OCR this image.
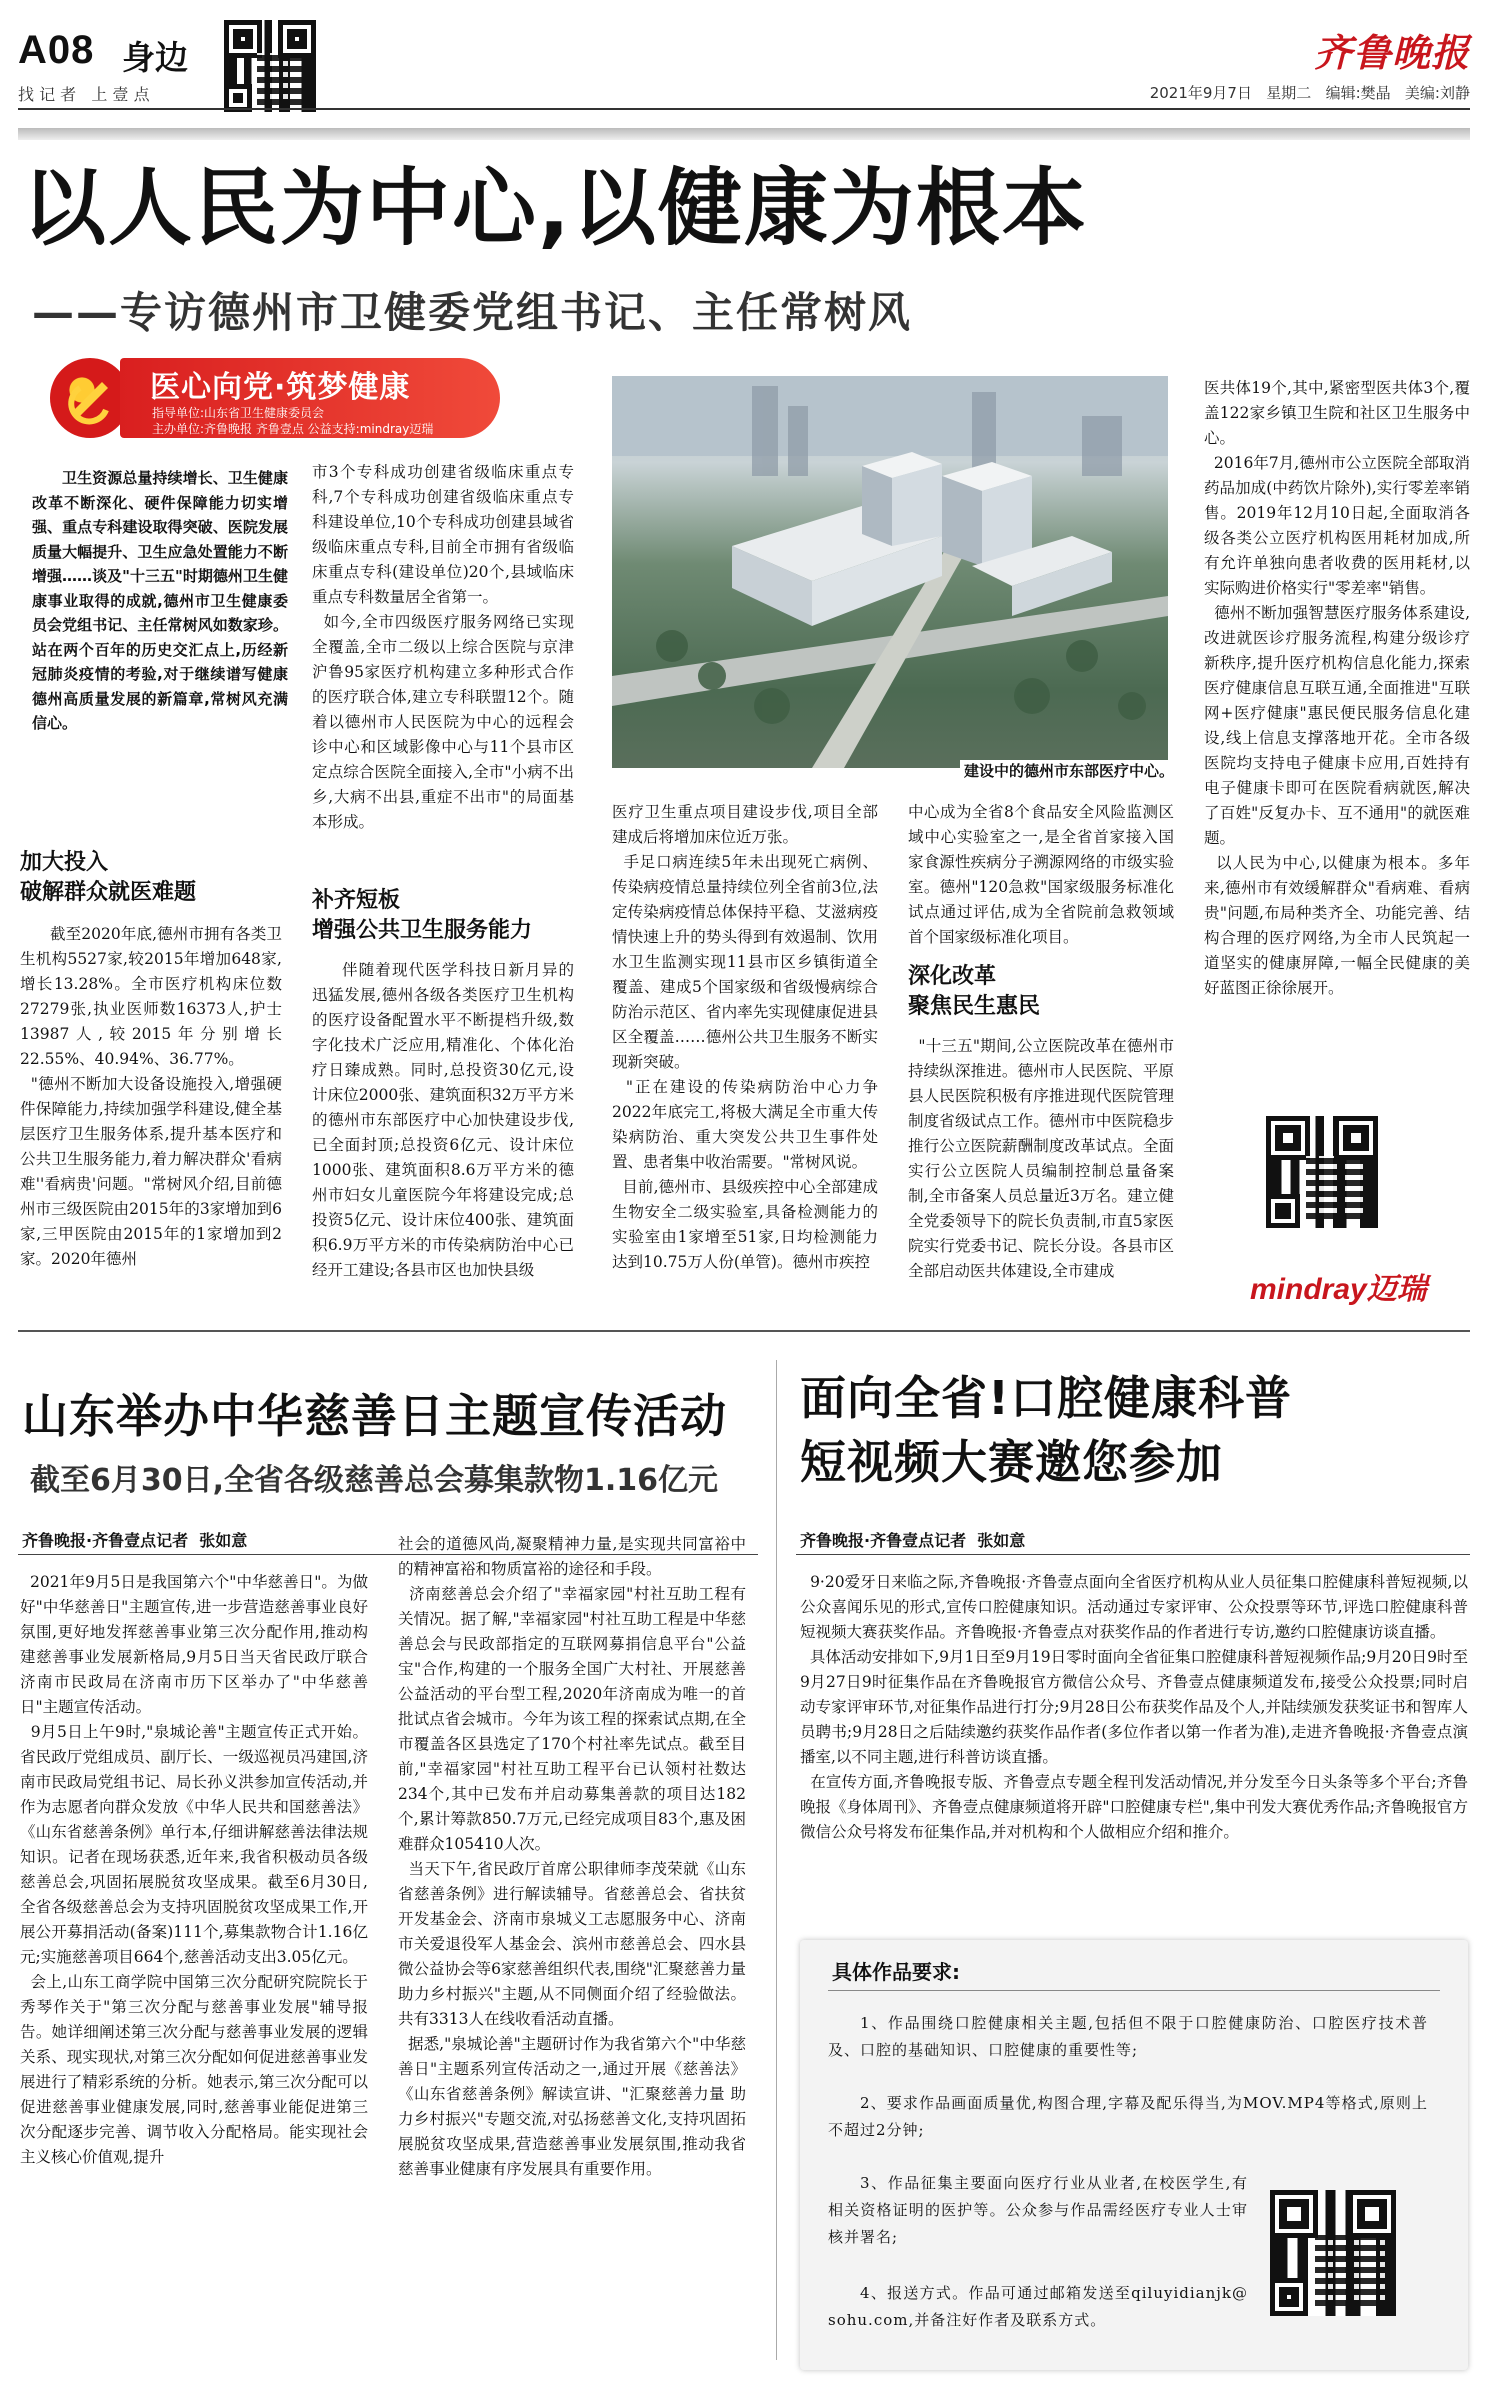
A08 身边
找 记 者   上 壹 点
齐鲁晚报
2021年9月7日   星期二   编辑:樊晶   美编:刘静
以人民为中心,以健康为根本
——专访德州市卫健委党组书记、主任常树风
医心向党·筑梦健康
指导单位:山东省卫生健康委员会
主办单位:齐鲁晚报 齐鲁壹点 公益支持:mindray迈瑞
卫生资源总量持续增长、卫生健康改革不断深化、硬件保障能力切实增强、重点专科建设取得突破、医院发展质量大幅提升、卫生应急处置能力不断增强……谈及"十三五"时期德州卫生健康事业取得的成就,德州市卫生健康委员会党组书记、主任常树风如数家珍。站在两个百年的历史交汇点上,历经新冠肺炎疫情的考验,对于继续谱写健康德州高质量发展的新篇章,常树风充满信心。
加大投入
破解群众就医难题
截至2020年底,德州市拥有各类卫生机构5527家,较2015年增加648家,增长13.28%。全市医疗机构床位数27279张,执业医师数16373人,护士13987人,较2015年分别增长22.55%、40.94%、36.77%。
"德州不断加大设备设施投入,增强硬件保障能力,持续加强学科建设,健全基层医疗卫生服务体系,提升基本医疗和公共卫生服务能力,着力解决群众'看病难''看病贵'问题。"常树风介绍,目前德州市三级医院由2015年的3家增加到6家,三甲医院由2015年的1家增加到2家。2020年德州
市3个专科成功创建省级临床重点专科,7个专科成功创建省级临床重点专科建设单位,10个专科成功创建县域省级临床重点专科,目前全市拥有省级临床重点专科(建设单位)20个,县域临床重点专科数量居全省第一。
如今,全市四级医疗服务网络已实现全覆盖,全市二级以上综合医院与京津沪鲁95家医疗机构建立多种形式合作的医疗联合体,建立专科联盟12个。随着以德州市人民医院为中心的远程会诊中心和区域影像中心与11个县市区定点综合医院全面接入,全市"小病不出乡,大病不出县,重症不出市"的局面基本形成。
补齐短板
增强公共卫生服务能力
伴随着现代医学科技日新月异的迅猛发展,德州各级各类医疗卫生机构的医疗设备配置水平不断提档升级,数字化技术广泛应用,精准化、个体化治疗日臻成熟。同时,总投资30亿元,设计床位2000张、建筑面积32万平方米的德州市东部医疗中心加快建设步伐,已全面封顶;总投资6亿元、设计床位1000张、建筑面积8.6万平方米的德州市妇女儿童医院今年将建设完成;总投资5亿元、设计床位400张、建筑面积6.9万平方米的市传染病防治中心已经开工建设;各县市区也加快县级
建设中的德州市东部医疗中心。
医疗卫生重点项目建设步伐,项目全部建成后将增加床位近万张。
手足口病连续5年未出现死亡病例、传染病疫情总量持续位列全省前3位,法定传染病疫情总体保持平稳、艾滋病疫情快速上升的势头得到有效遏制、饮用水卫生监测实现11县市区乡镇街道全覆盖、建成5个国家级和省级慢病综合防治示范区、省内率先实现健康促进县区全覆盖……德州公共卫生服务不断实现新突破。
"正在建设的传染病防治中心力争2022年底完工,将极大满足全市重大传染病防治、重大突发公共卫生事件处置、患者集中收治需要。"常树风说。
目前,德州市、县级疾控中心全部建成生物安全二级实验室,具备检测能力的实验室由1家增至51家,日均检测能力达到10.75万人份(单管)。德州市疾控
中心成为全省8个食品安全风险监测区域中心实验室之一,是全省首家接入国家食源性疾病分子溯源网络的市级实验室。德州"120急救"国家级服务标准化试点通过评估,成为全省院前急救领域首个国家级标准化项目。
深化改革
聚焦民生惠民
"十三五"期间,公立医院改革在德州市持续纵深推进。德州市人民医院、平原县人民医院积极有序推进现代医院管理制度省级试点工作。德州市中医院稳步推行公立医院薪酬制度改革试点。全面实行公立医院人员编制控制总量备案制,全市备案人员总量近3万名。建立健全党委领导下的院长负责制,市直5家医院实行党委书记、院长分设。各县市区全部启动医共体建设,全市建成
医共体19个,其中,紧密型医共体3个,覆盖122家乡镇卫生院和社区卫生服务中心。
2016年7月,德州市公立医院全部取消药品加成(中药饮片除外),实行零差率销售。2019年12月10日起,全面取消各级各类公立医疗机构医用耗材加成,所有允许单独向患者收费的医用耗材,以实际购进价格实行"零差率"销售。
德州不断加强智慧医疗服务体系建设,改进就医诊疗服务流程,构建分级诊疗新秩序,提升医疗机构信息化能力,探索医疗健康信息互联互通,全面推进"互联网+医疗健康"惠民便民服务信息化建设,线上信息支撑落地开花。全市各级医院均支持电子健康卡应用,百姓持有电子健康卡即可在医院看病就医,解决了百姓"反复办卡、互不通用"的就医难题。
以人民为中心,以健康为根本。多年来,德州市有效缓解群众"看病难、看病贵"问题,布局种类齐全、功能完善、结构合理的医疗网络,为全市人民筑起一道坚实的健康屏障,一幅全民健康的美好蓝图正徐徐展开。
mindray迈瑞
山东举办中华慈善日主题宣传活动
截至6月30日,全省各级慈善总会募集款物1.16亿元
齐鲁晚报·齐鲁壹点记者  张如意
2021年9月5日是我国第六个"中华慈善日"。为做好"中华慈善日"主题宣传,进一步营造慈善事业良好氛围,更好地发挥慈善事业第三次分配作用,推动构建慈善事业发展新格局,9月5日当天省民政厅联合济南市民政局在济南市历下区举办了"中华慈善日"主题宣传活动。
9月5日上午9时,"泉城论善"主题宣传正式开始。省民政厅党组成员、副厅长、一级巡视员冯建国,济南市民政局党组书记、局长孙义洪参加宣传活动,并作为志愿者向群众发放《中华人民共和国慈善法》《山东省慈善条例》单行本,仔细讲解慈善法律法规知识。记者在现场获悉,近年来,我省积极动员各级慈善总会,巩固拓展脱贫攻坚成果。截至6月30日,全省各级慈善总会为支持巩固脱贫攻坚成果工作,开展公开募捐活动(备案)111个,募集款物合计1.16亿元;实施慈善项目664个,慈善活动支出3.05亿元。
会上,山东工商学院中国第三次分配研究院院长于秀琴作关于"第三次分配与慈善事业发展"辅导报告。她详细阐述第三次分配与慈善事业发展的逻辑关系、现实现状,对第三次分配如何促进慈善事业发展进行了精彩系统的分析。她表示,第三次分配可以促进慈善事业健康发展,同时,慈善事业能促进第三次分配逐步完善、调节收入分配格局。能实现社会主义核心价值观,提升
社会的道德风尚,凝聚精神力量,是实现共同富裕中的精神富裕和物质富裕的途径和手段。
济南慈善总会介绍了"幸福家园"村社互助工程有关情况。据了解,"幸福家园"村社互助工程是中华慈善总会与民政部指定的互联网募捐信息平台"公益宝"合作,构建的一个服务全国广大村社、开展慈善公益活动的平台型工程,2020年济南成为唯一的首批试点省会城市。今年为该工程的探索试点期,在全市覆盖各区县选定了170个村社率先试点。截至目前,"幸福家园"村社互助工程平台已认领村社数达234个,其中已发布并启动募集善款的项目达182个,累计筹款850.7万元,已经完成项目83个,惠及困难群众105410人次。
当天下午,省民政厅首席公职律师李茂荣就《山东省慈善条例》进行解读辅导。省慈善总会、省扶贫开发基金会、济南市泉城义工志愿服务中心、济南市关爱退役军人基金会、滨州市慈善总会、四水县微公益协会等6家慈善组织代表,围绕"汇聚慈善力量 助力乡村振兴"主题,从不同侧面介绍了经验做法。共有3313人在线收看活动直播。
据悉,"泉城论善"主题研讨作为我省第六个"中华慈善日"主题系列宣传活动之一,通过开展《慈善法》《山东省慈善条例》解读宣讲、"汇聚慈善力量 助力乡村振兴"专题交流,对弘扬慈善文化,支持巩固拓展脱贫攻坚成果,营造慈善事业发展氛围,推动我省慈善事业健康有序发展具有重要作用。
面向全省!口腔健康科普
短视频大赛邀您参加
齐鲁晚报·齐鲁壹点记者  张如意
9·20爱牙日来临之际,齐鲁晚报·齐鲁壹点面向全省医疗机构从业人员征集口腔健康科普短视频,以公众喜闻乐见的形式,宣传口腔健康知识。活动通过专家评审、公众投票等环节,评选口腔健康科普短视频大赛获奖作品。齐鲁晚报·齐鲁壹点对获奖作品的作者进行专访,邀约口腔健康访谈直播。
具体活动安排如下,9月1日至9月19日零时面向全省征集口腔健康科普短视频作品;9月20日9时至9月27日9时征集作品在齐鲁晚报官方微信公众号、齐鲁壹点健康频道发布,接受公众投票;同时启动专家评审环节,对征集作品进行打分;9月28日公布获奖作品及个人,并陆续颁发获奖证书和智库人员聘书;9月28日之后陆续邀约获奖作品作者(多位作者以第一作者为准),走进齐鲁晚报·齐鲁壹点演播室,以不同主题,进行科普访谈直播。
在宣传方面,齐鲁晚报专版、齐鲁壹点专题全程刊发活动情况,并分发至今日头条等多个平台;齐鲁晚报《身体周刊》、齐鲁壹点健康频道将开辟"口腔健康专栏",集中刊发大赛优秀作品;齐鲁晚报官方微信公众号将发布征集作品,并对机构和个人做相应介绍和推介。
具体作品要求:
1、作品围绕口腔健康相关主题,包括但不限于口腔健康防治、口腔医疗技术普及、口腔的基础知识、口腔健康的重要性等;
2、要求作品画面质量优,构图合理,字幕及配乐得当,为MOV.MP4等格式,原则上不超过2分钟;
3、作品征集主要面向医疗行业从业者,在校医学生,有相关资格证明的医护等。公众参与作品需经医疗专业人士审核并署名;
4、报送方式。作品可通过邮箱发送至qiluyidianjk@sohu.com,并备注好作者及联系方式。
